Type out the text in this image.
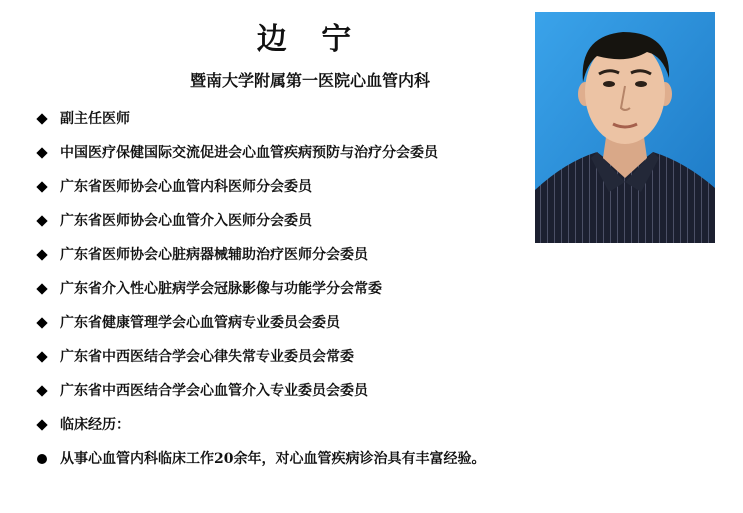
边 宁
暨南大学附属第一医院心血管内科
副主任医师
中国医疗保健国际交流促进会心血管疾病预防与治疗分会委员
广东省医师协会心血管内科医师分会委员
广东省医师协会心血管介入医师分会委员
广东省医师协会心脏病器械辅助治疗医师分会委员
广东省介入性心脏病学会冠脉影像与功能学分会常委
广东省健康管理学会心血管病专业委员会委员
广东省中西医结合学会心律失常专业委员会常委
广东省中西医结合学会心血管介入专业委员会委员
临床经历：
从事心血管内科临床工作20余年，对心血管疾病诊治具有丰富经验。
